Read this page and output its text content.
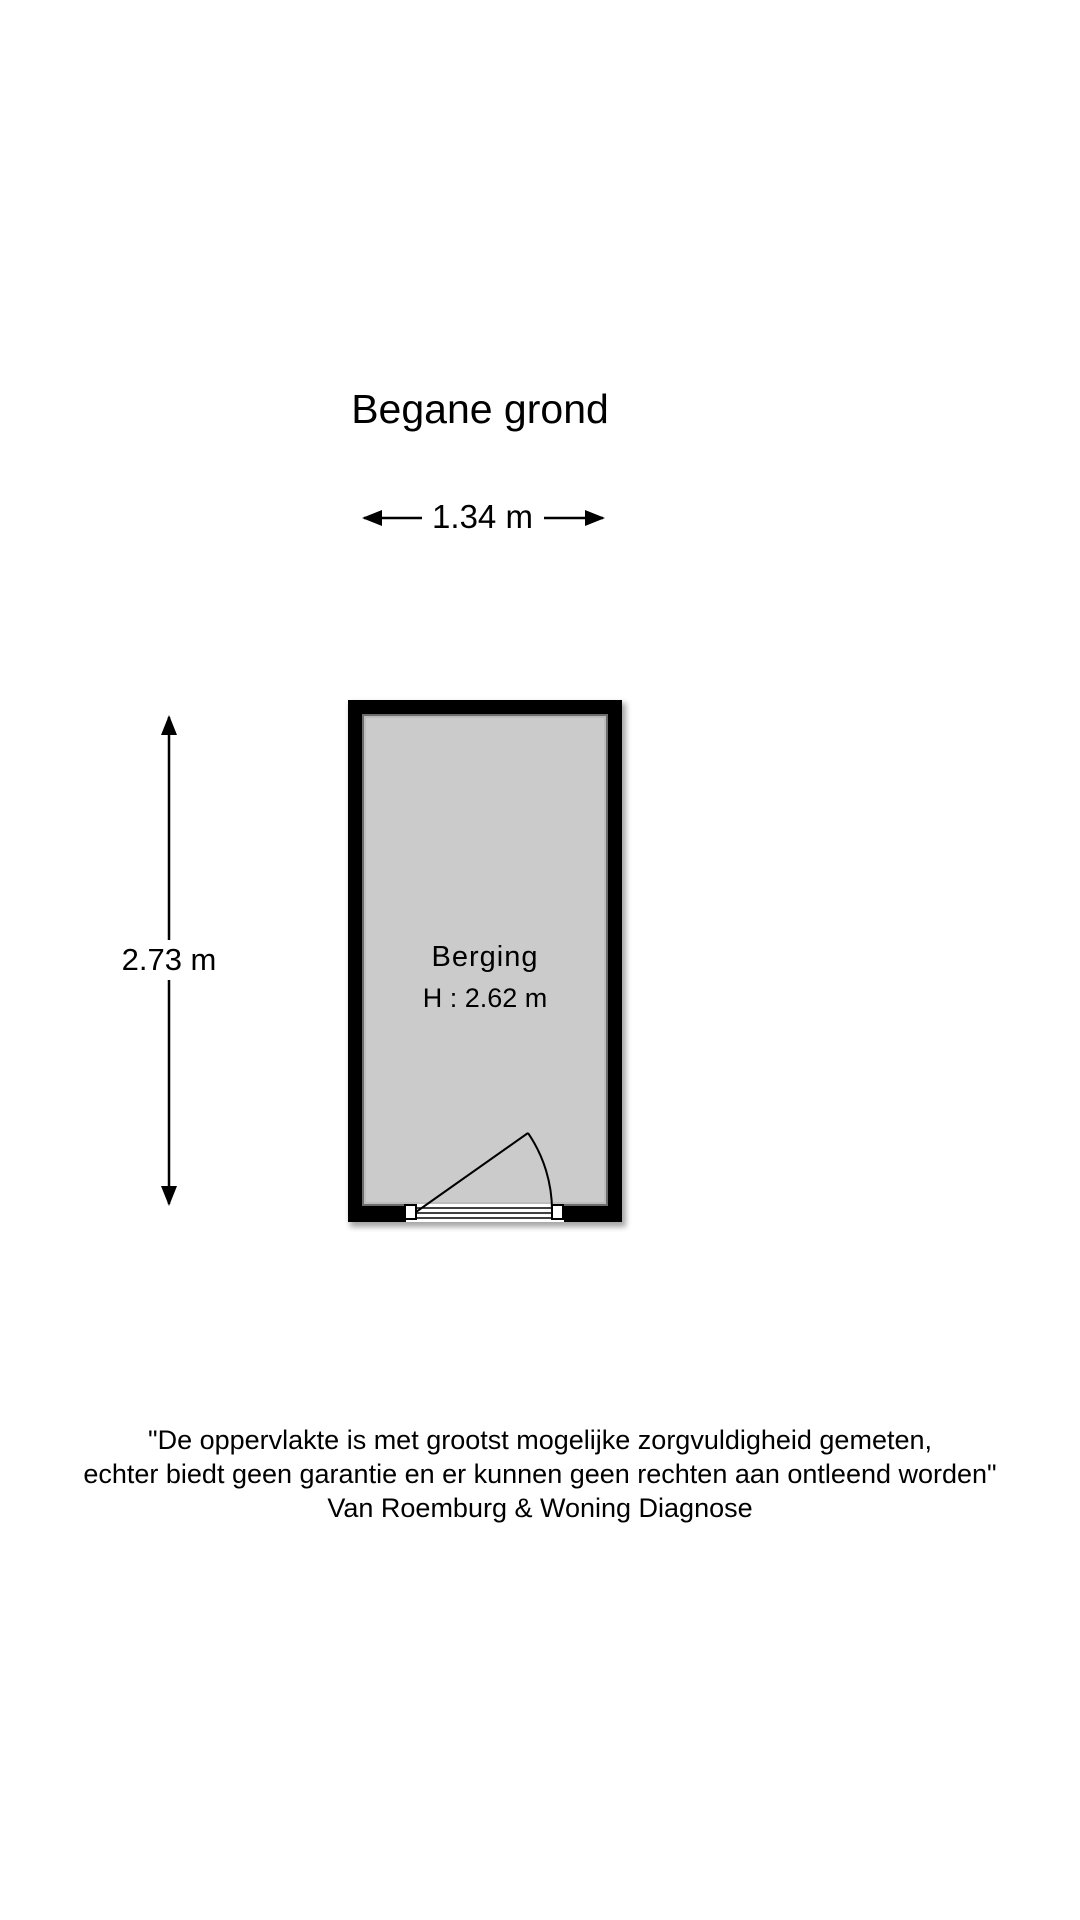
Begane grond
1.34 m
2.73 m	Berging
H : 2.62 m
"De oppervlakte is met grootst mogelijke zorgvuldigheid gemeten,
echter biedt geen garantie en er kunnen geen rechten aan ontleend worden"
Van Roemburg & Woning Diagnose
